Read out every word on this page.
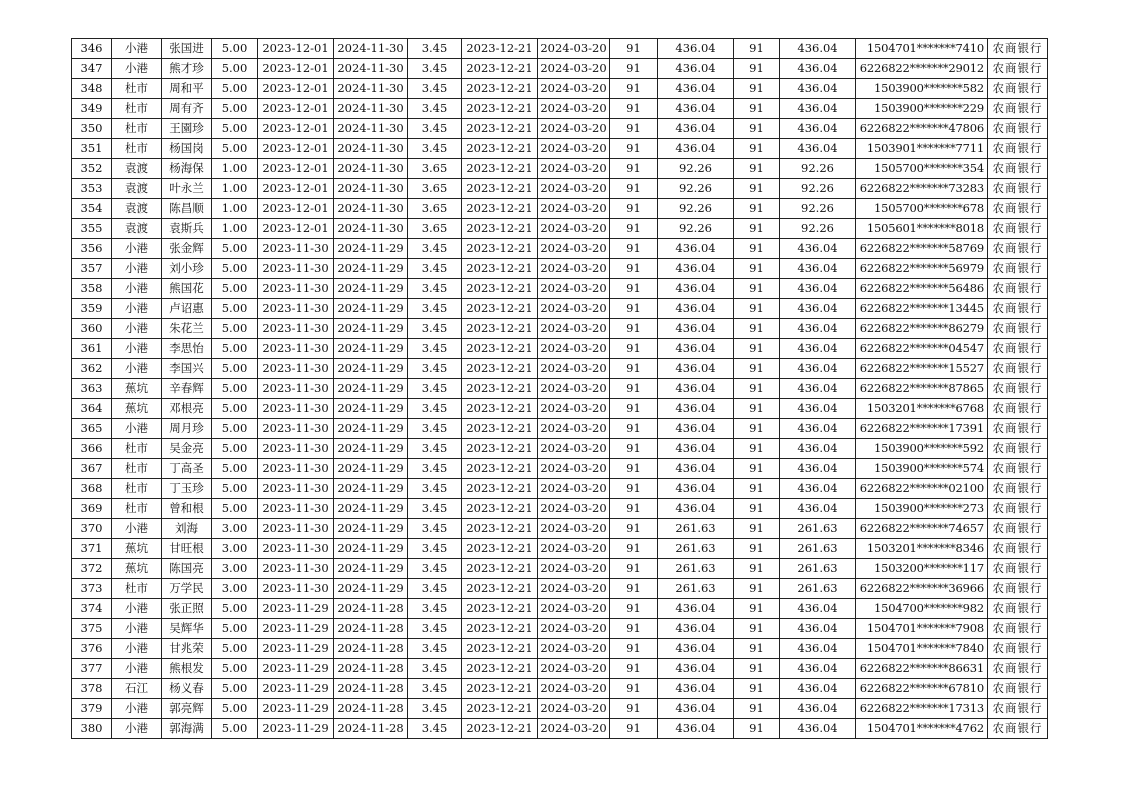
346	小港	张国进	5.00	2023-12-01	2024-11-30	3.45	2023-12-21	2024-03-20	91	436.04	91	436.04	1504701*******7410	农商银行
347	小港	熊才珍	5.00	2023-12-01	2024-11-30	3.45	2023-12-21	2024-03-20	91	436.04	91	436.04	6226822*******29012	农商银行
348	杜市	周和平	5.00	2023-12-01	2024-11-30	3.45	2023-12-21	2024-03-20	91	436.04	91	436.04	1503900*******582	农商银行
349	杜市	周有齐	5.00	2023-12-01	2024-11-30	3.45	2023-12-21	2024-03-20	91	436.04	91	436.04	1503900*******229	农商银行
350	杜市	王園珍	5.00	2023-12-01	2024-11-30	3.45	2023-12-21	2024-03-20	91	436.04	91	436.04	6226822*******47806	农商银行
351	杜市	杨国岗	5.00	2023-12-01	2024-11-30	3.45	2023-12-21	2024-03-20	91	436.04	91	436.04	1503901*******7711	农商银行
352	袁渡	杨海保	1.00	2023-12-01	2024-11-30	3.65	2023-12-21	2024-03-20	91	92.26	91	92.26	1505700*******354	农商银行
353	袁渡	叶永兰	1.00	2023-12-01	2024-11-30	3.65	2023-12-21	2024-03-20	91	92.26	91	92.26	6226822*******73283	农商银行
354	袁渡	陈昌顺	1.00	2023-12-01	2024-11-30	3.65	2023-12-21	2024-03-20	91	92.26	91	92.26	1505700*******678	农商银行
355	袁渡	袁斯兵	1.00	2023-12-01	2024-11-30	3.65	2023-12-21	2024-03-20	91	92.26	91	92.26	1505601*******8018	农商银行
356	小港	张金辉	5.00	2023-11-30	2024-11-29	3.45	2023-12-21	2024-03-20	91	436.04	91	436.04	6226822*******58769	农商银行
357	小港	刘小珍	5.00	2023-11-30	2024-11-29	3.45	2023-12-21	2024-03-20	91	436.04	91	436.04	6226822*******56979	农商银行
358	小港	熊国花	5.00	2023-11-30	2024-11-29	3.45	2023-12-21	2024-03-20	91	436.04	91	436.04	6226822*******56486	农商银行
359	小港	卢诏惠	5.00	2023-11-30	2024-11-29	3.45	2023-12-21	2024-03-20	91	436.04	91	436.04	6226822*******13445	农商银行
360	小港	朱花兰	5.00	2023-11-30	2024-11-29	3.45	2023-12-21	2024-03-20	91	436.04	91	436.04	6226822*******86279	农商银行
361	小港	李思怡	5.00	2023-11-30	2024-11-29	3.45	2023-12-21	2024-03-20	91	436.04	91	436.04	6226822*******04547	农商银行
362	小港	李国兴	5.00	2023-11-30	2024-11-29	3.45	2023-12-21	2024-03-20	91	436.04	91	436.04	6226822*******15527	农商银行
363	蕉坑	辛春辉	5.00	2023-11-30	2024-11-29	3.45	2023-12-21	2024-03-20	91	436.04	91	436.04	6226822*******87865	农商银行
364	蕉坑	邓根亮	5.00	2023-11-30	2024-11-29	3.45	2023-12-21	2024-03-20	91	436.04	91	436.04	1503201*******6768	农商银行
365	小港	周月珍	5.00	2023-11-30	2024-11-29	3.45	2023-12-21	2024-03-20	91	436.04	91	436.04	6226822*******17391	农商银行
366	杜市	吴金亮	5.00	2023-11-30	2024-11-29	3.45	2023-12-21	2024-03-20	91	436.04	91	436.04	1503900*******592	农商银行
367	杜市	丁高圣	5.00	2023-11-30	2024-11-29	3.45	2023-12-21	2024-03-20	91	436.04	91	436.04	1503900*******574	农商银行
368	杜市	丁玉珍	5.00	2023-11-30	2024-11-29	3.45	2023-12-21	2024-03-20	91	436.04	91	436.04	6226822*******02100	农商银行
369	杜市	曾和根	5.00	2023-11-30	2024-11-29	3.45	2023-12-21	2024-03-20	91	436.04	91	436.04	1503900*******273	农商银行
370	小港	刘海	3.00	2023-11-30	2024-11-29	3.45	2023-12-21	2024-03-20	91	261.63	91	261.63	6226822*******74657	农商银行
371	蕉坑	甘旺根	3.00	2023-11-30	2024-11-29	3.45	2023-12-21	2024-03-20	91	261.63	91	261.63	1503201*******8346	农商银行
372	蕉坑	陈国亮	3.00	2023-11-30	2024-11-29	3.45	2023-12-21	2024-03-20	91	261.63	91	261.63	1503200*******117	农商银行
373	杜市	万学民	3.00	2023-11-30	2024-11-29	3.45	2023-12-21	2024-03-20	91	261.63	91	261.63	6226822*******36966	农商银行
374	小港	张正照	5.00	2023-11-29	2024-11-28	3.45	2023-12-21	2024-03-20	91	436.04	91	436.04	1504700*******982	农商银行
375	小港	吴辉华	5.00	2023-11-29	2024-11-28	3.45	2023-12-21	2024-03-20	91	436.04	91	436.04	1504701*******7908	农商银行
376	小港	甘兆荣	5.00	2023-11-29	2024-11-28	3.45	2023-12-21	2024-03-20	91	436.04	91	436.04	1504701*******7840	农商银行
377	小港	熊根发	5.00	2023-11-29	2024-11-28	3.45	2023-12-21	2024-03-20	91	436.04	91	436.04	6226822*******86631	农商银行
378	石江	杨义春	5.00	2023-11-29	2024-11-28	3.45	2023-12-21	2024-03-20	91	436.04	91	436.04	6226822*******67810	农商银行
379	小港	郭亮辉	5.00	2023-11-29	2024-11-28	3.45	2023-12-21	2024-03-20	91	436.04	91	436.04	6226822*******17313	农商银行
380	小港	郭海满	5.00	2023-11-29	2024-11-28	3.45	2023-12-21	2024-03-20	91	436.04	91	436.04	1504701*******4762	农商银行
